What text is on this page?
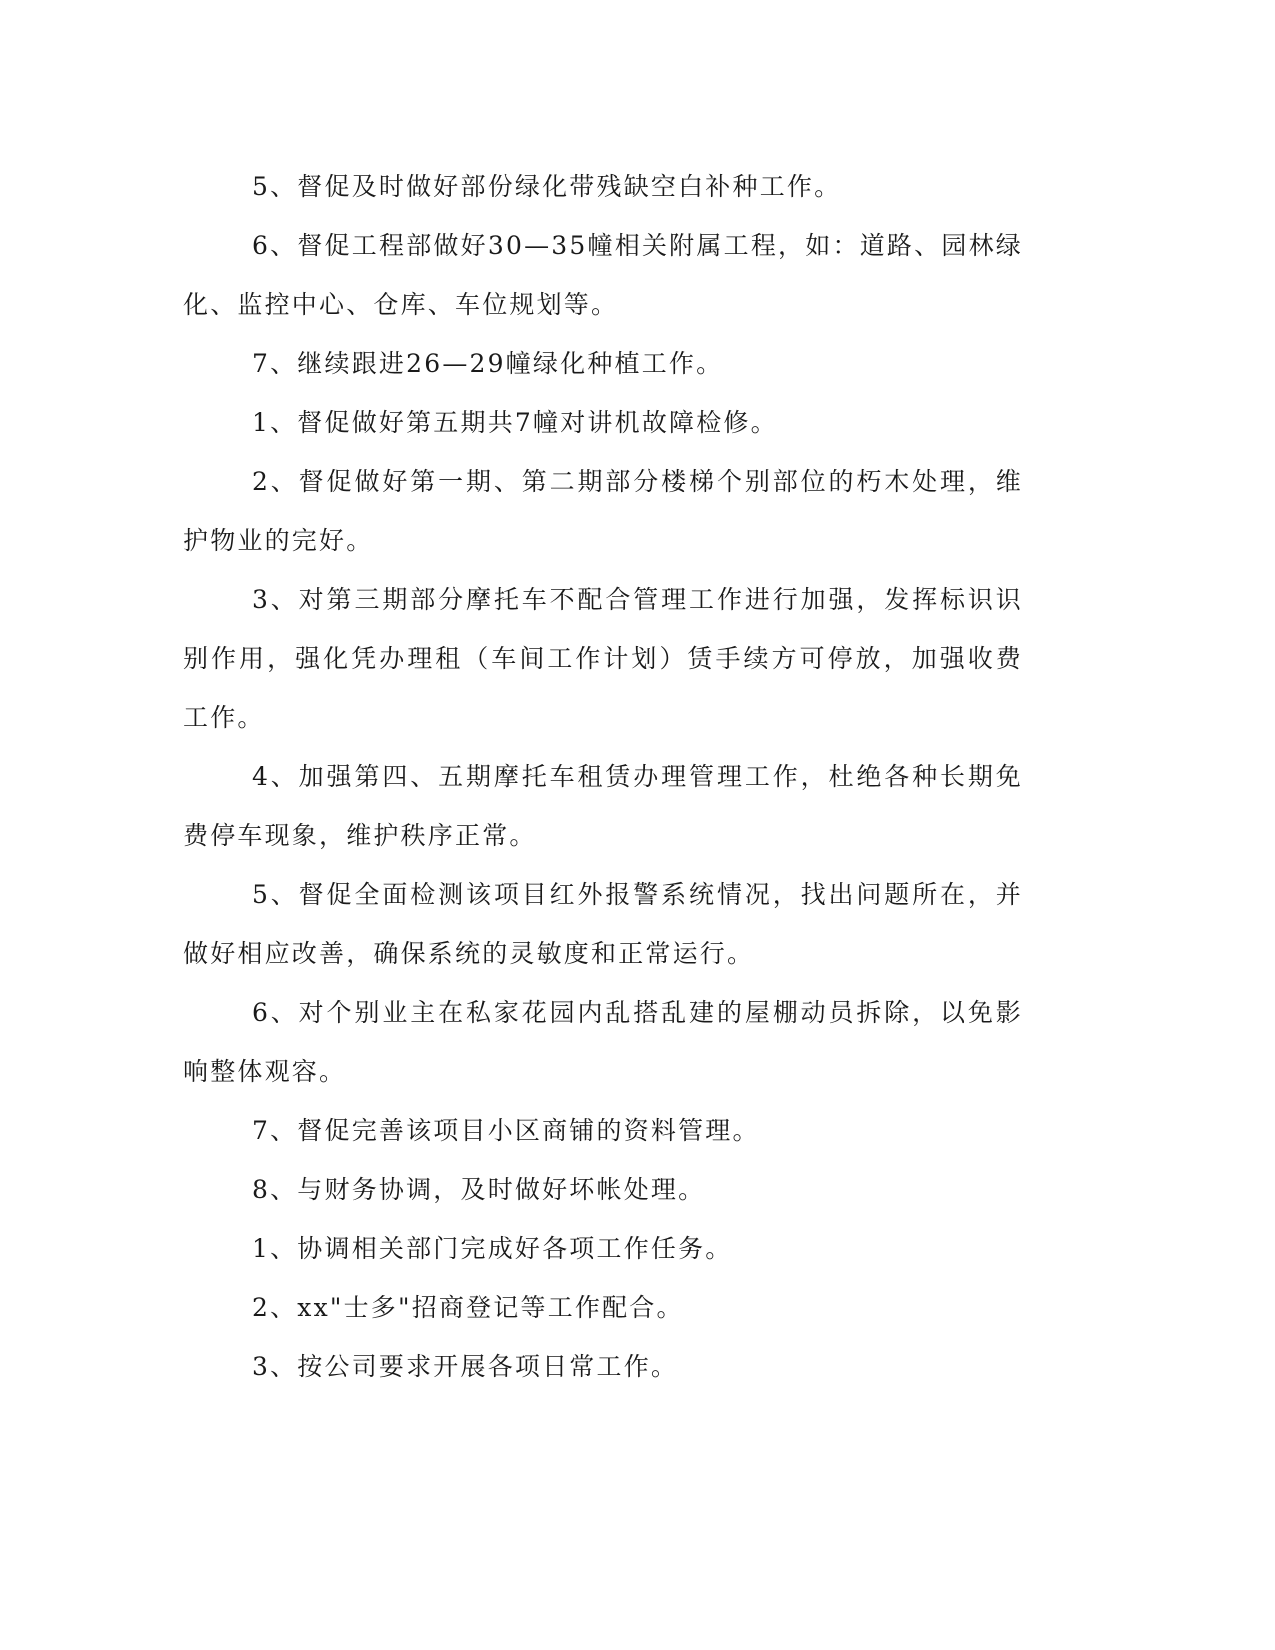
5、督促及时做好部份绿化带残缺空白补种工作。

6、督促工程部做好30—35幢相关附属工程，如：道路、园林绿化、监控中心、仓库、车位规划等。

7、继续跟进26—29幢绿化种植工作。

1、督促做好第五期共7幢对讲机故障检修。

2、督促做好第一期、第二期部分楼梯个别部位的朽木处理，维护物业的完好。

3、对第三期部分摩托车不配合管理工作进行加强，发挥标识识别作用，强化凭办理租（车间工作计划）赁手续方可停放，加强收费工作。

4、加强第四、五期摩托车租赁办理管理工作，杜绝各种长期免费停车现象，维护秩序正常。

5、督促全面检测该项目红外报警系统情况，找出问题所在，并做好相应改善，确保系统的灵敏度和正常运行。

6、对个别业主在私家花园内乱搭乱建的屋棚动员拆除，以免影响整体观容。

7、督促完善该项目小区商铺的资料管理。

8、与财务协调，及时做好坏帐处理。

1、协调相关部门完成好各项工作任务。

2、xx"士多"招商登记等工作配合。

3、按公司要求开展各项日常工作。
